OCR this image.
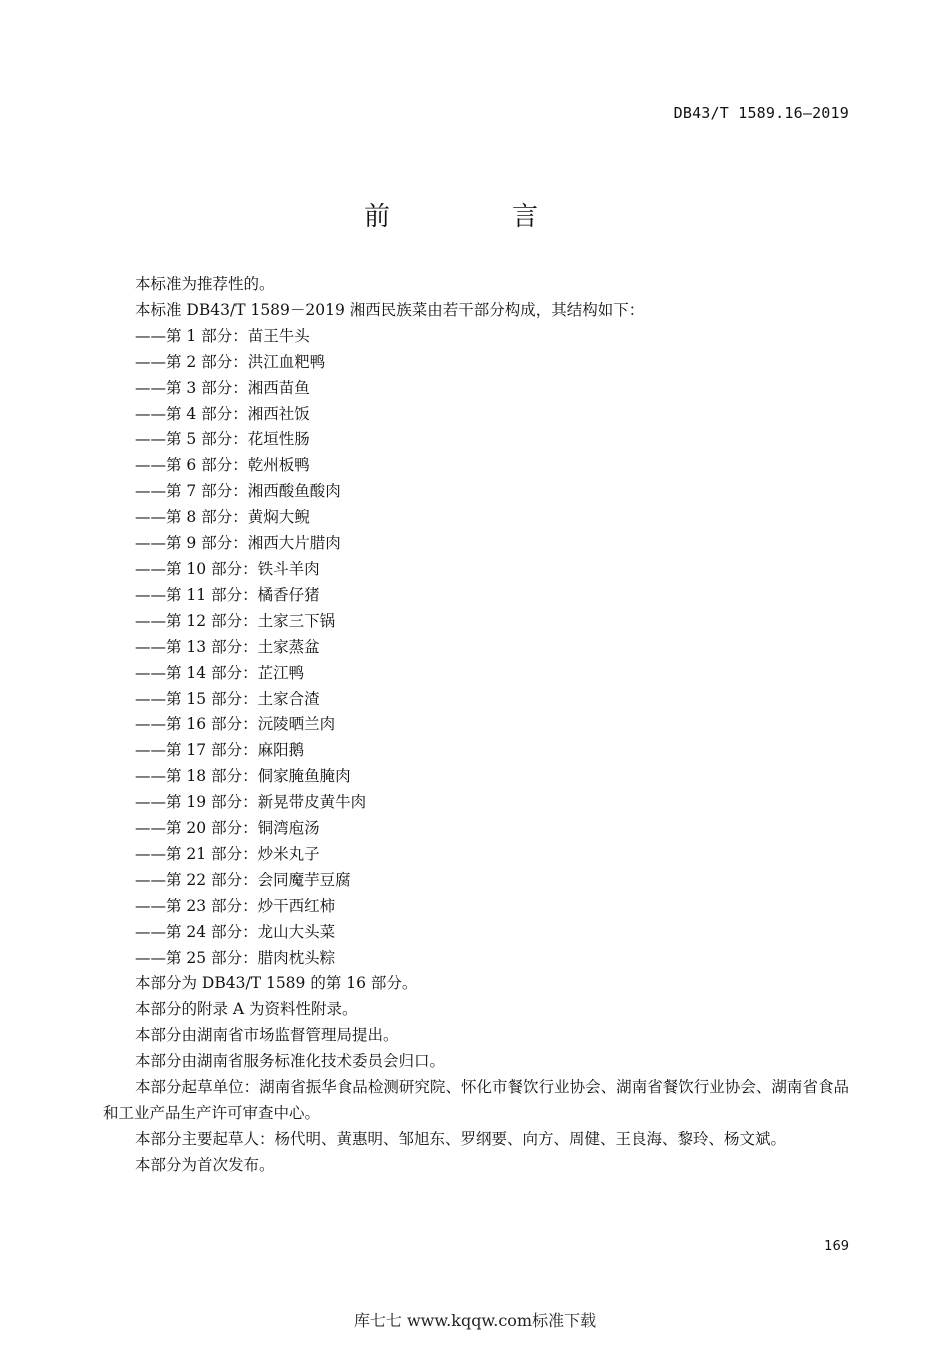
DB43/T 1589.16—2019
前　言

本标准为推荐性的。

本标准 DB43/T 1589－2019 湘西民族菜由若干部分构成，其结构如下：

——第 1 部分：苗王牛头

——第 2 部分：洪江血粑鸭

——第 3 部分：湘西苗鱼

——第 4 部分：湘西社饭

——第 5 部分：花垣性肠

——第 6 部分：乾州板鸭

——第 7 部分：湘西酸鱼酸肉

——第 8 部分：黄焖大鲵

——第 9 部分：湘西大片腊肉

——第 10 部分：铁斗羊肉

——第 11 部分：橘香仔猪

——第 12 部分：土家三下锅

——第 13 部分：土家蒸盆

——第 14 部分：芷江鸭

——第 15 部分：土家合渣

——第 16 部分：沅陵晒兰肉

——第 17 部分：麻阳鹅

——第 18 部分：侗家腌鱼腌肉

——第 19 部分：新晃带皮黄牛肉

——第 20 部分：铜湾庖汤

——第 21 部分：炒米丸子

——第 22 部分：会同魔芋豆腐

——第 23 部分：炒干西红柿

——第 24 部分：龙山大头菜

——第 25 部分：腊肉枕头粽

本部分为 DB43/T 1589 的第 16 部分。

本部分的附录 A 为资料性附录。

本部分由湖南省市场监督管理局提出。

本部分由湖南省服务标准化技术委员会归口。

本部分起草单位：湖南省振华食品检测研究院、怀化市餐饮行业协会、湖南省餐饮行业协会、湖南省食品和工业产品生产许可审查中心。

本部分主要起草人：杨代明、黄惠明、邹旭东、罗纲要、向方、周健、王良海、黎玲、杨文斌。

本部分为首次发布。

169
库七七 www.kqqw.com标准下载
